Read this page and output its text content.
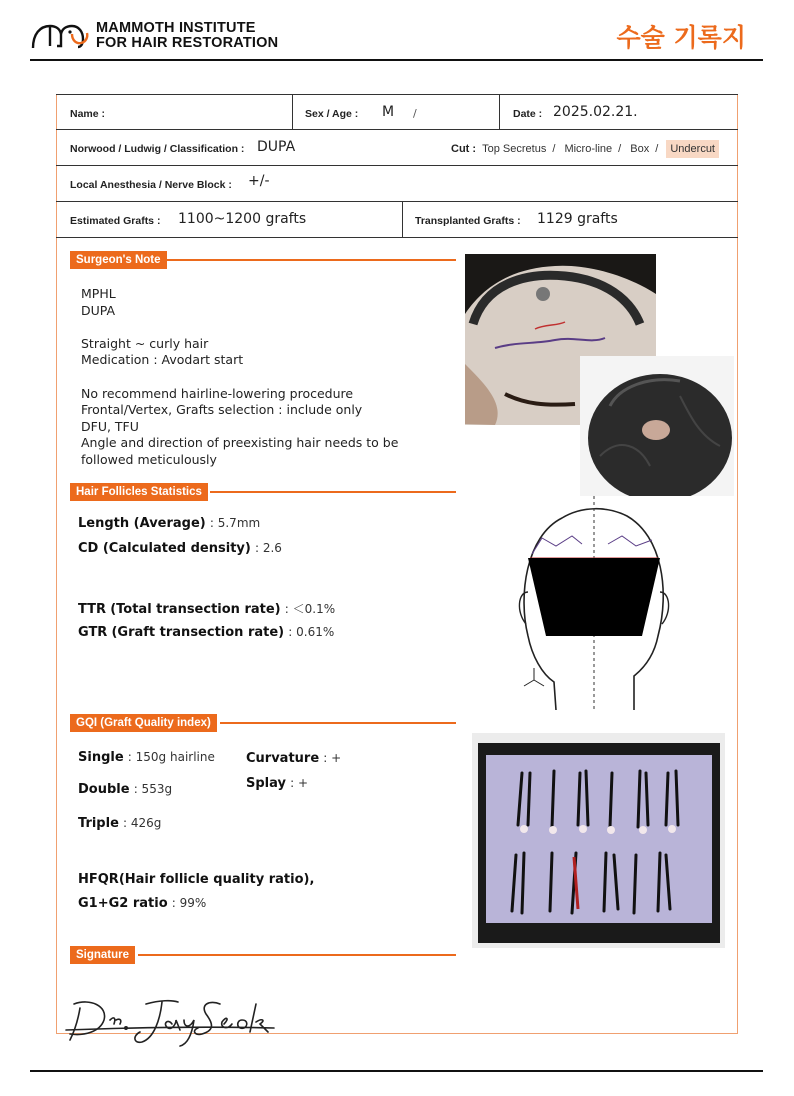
MAMMOTH INSTITUTE
FOR HAIR RESTORATION	수술 기록지
Name :	Sex / Age : M /	Date : 2025.02.21.
Norwood / Ludwig / Classification : DUPA	Cut : Top Secretus / Micro-line / Box / Undercut
Local Anesthesia / Nerve Block : +/-
Estimated Grafts : 1100~1200 grafts	Transplanted Grafts : 1129 grafts
Surgeon's Note
MPHL
DUPA
Straight ~ curly hair
Medication : Avodart start
No recommend hairline-lowering procedure
Frontal/Vertex, Grafts selection : include only
DFU, TFU
Angle and direction of preexisting hair needs to be
followed meticulously
Hair Follicles Statistics
Length (Average) : 5.7mm
CD (Calculated density) : 2.6
TTR (Total transection rate) : ＜0.1%
GTR (Graft transection rate) : 0.61%
GQI (Graft Quality index)
Single : 150g hairline
Double : 553g
Triple : 426g
Curvature : +
Splay : +
HFQR(Hair follicle quality ratio),
G1+G2 ratio : 99%
Signature
Dr. Jay Seok
